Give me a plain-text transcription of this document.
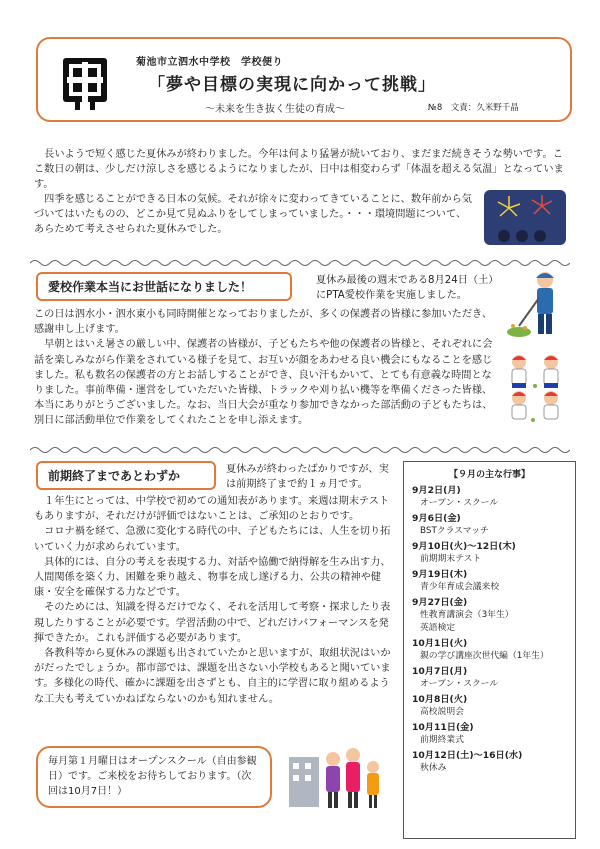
菊池市立泗水中学校　学校便り
「夢や目標の実現に向かって挑戦」
～未来を生き抜く生徒の育成～	№8　文責：久米野千晶

　長いようで短く感じた夏休みが終わりました。今年は何より猛暑が続いており、まだまだ続きそうな勢いです。ここ数日の朝は、少しだけ涼しさを感じるようになりましたが、日中は相変わらず「体温を超える気温」となっています。

　四季を感じることができる日本の気候。それが徐々に変わってきていることに、数年前から気づいてはいたものの、どこか見て見ぬふりをしてしまっていました。・・・環境問題について、あらためて考えさせられた夏休みでした。

愛校作業本当にお世話になりました！	夏休み最後の週末である8月24日（土）にPTA愛校作業を実施しました。

この日は泗水小・泗水東小も同時開催となっておりましたが、多くの保護者の皆様に参加いただき、感謝申し上げます。

　早朝とはいえ暑さの厳しい中、保護者の皆様が、子どもたちや他の保護者の皆様と、それぞれに会話を楽しみながら作業をされている様子を見て、お互いが顔をあわせる良い機会にもなることを感じました。私も数名の保護者の方とお話しすることができ、良い汗もかいて、とても有意義な時間となりました。事前準備・運営をしていただいた皆様、トラックや刈り払い機等を準備くださった皆様、本当にありがとうございました。なお、当日大会が重なり参加できなかった部活動の子どもたちは、別日に部活動単位で作業をしてくれたことを申し添えます。

前期終了まであとわずか	夏休みが終わったばかりですが、実は前期終了まで約１ヵ月です。

　１年生にとっては、中学校で初めての通知表があります。来週は期末テストもありますが、それだけが評価ではないことは、ご承知のとおりです。

　コロナ禍を経て、急激に変化する時代の中、子どもたちには、人生を切り拓いていく力が求められています。

　具体的には、自分の考えを表現する力、対話や協働で納得解を生み出す力、人間関係を築く力、困難を乗り越え、物事を成し遂げる力、公共の精神や健康・安全を確保する力などです。

　そのためには、知識を得るだけでなく、それを活用して考察・探求したり表現したりすることが必要です。学習活動の中で、どれだけパフォーマンスを発揮できたか。これも評価する必要があります。

　各教科等から夏休みの課題も出されていたかと思いますが、取組状況はいかがだったでしょうか。都市部では、課題を出さない小学校もあると聞いています。多様化の時代、確かに課題を出さずとも、自主的に学習に取り組めるような工夫も考えていかねばならないのかも知れません。

【９月の主な行事】
9月2日(月)
オープン・スクール
9月6日(金)
BSTクラスマッチ
9月10日(火)～12日(木)
前期期末テスト
9月19日(木)
青少年育成会議来校
9月27日(金)
性教育講演会（3年生）
英語検定
10月1日(火)
親の学び講座次世代編（1年生）
10月7日(月)
オープン・スクール
10月8日(火)
高校説明会
10月11日(金)
前期終業式
10月12日(土)～16日(水)
秋休み
毎月第１月曜日はオープンスクール（自由参観日）です。ご来校をお待ちしております。（次回は10月7日！）
